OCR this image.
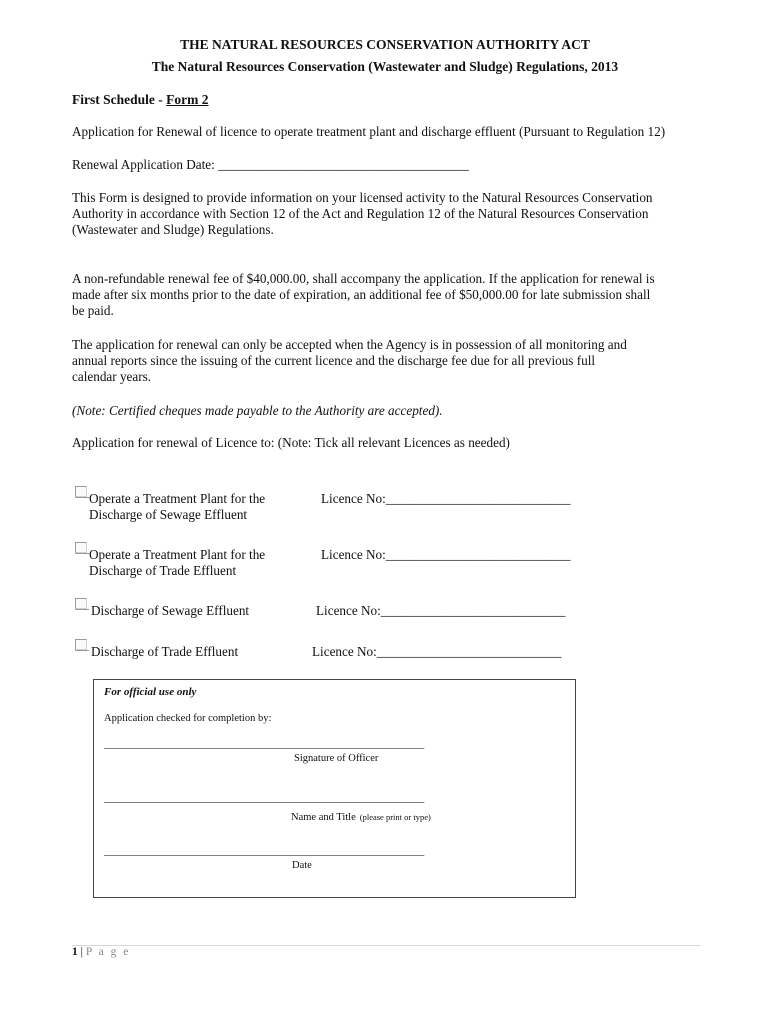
THE NATURAL RESOURCES CONSERVATION AUTHORITY ACT
The Natural Resources Conservation (Wastewater and Sludge) Regulations, 2013
First Schedule - Form 2
Application for Renewal of licence to operate treatment plant and discharge effluent (Pursuant to Regulation 12)
Renewal Application Date: ______________________________________
This Form is designed to provide information on your licensed activity to the Natural Resources Conservation Authority in accordance with Section 12 of the Act and Regulation 12 of the Natural Resources Conservation (Wastewater and Sludge) Regulations.
A non-refundable renewal fee of $40,000.00, shall accompany the application. If the application for renewal is made after six months prior to the date of expiration, an additional fee of $50,000.00 for late submission shall be paid.
The application for renewal can only be accepted when the Agency is in possession of all monitoring and annual reports since the issuing of the current licence and the discharge fee due for all previous full calendar years.
(Note: Certified cheques made payable to the Authority are accepted).
Application for renewal of Licence to: (Note: Tick all relevant Licences as needed)
Operate a Treatment Plant for the
Discharge of Sewage Effluent
Licence No:____________________________
Operate a Treatment Plant for the
Discharge of Trade Effluent
Licence No:____________________________
Discharge of Sewage Effluent	Licence No:____________________________
Discharge of Trade Effluent	Licence No:____________________________
For official use only
Application checked for completion by:
_____________________________________________________________
Signature of Officer
_____________________________________________________________
Name and Title (please print or type)
_____________________________________________________________
Date
1 | P a g e
